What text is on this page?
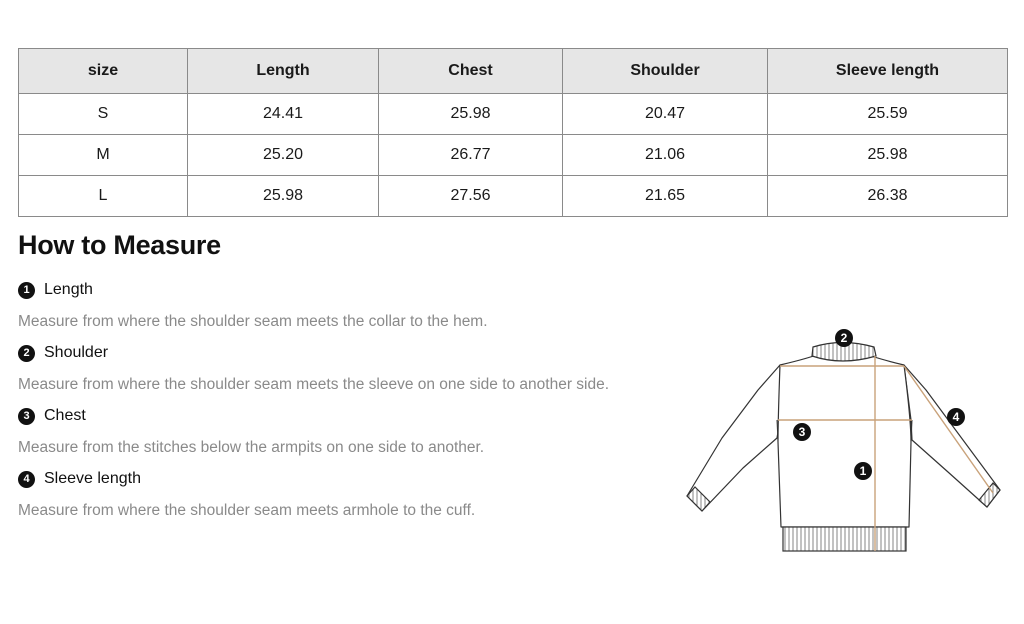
size	Length	Chest	Shoulder	Sleeve length
S	24.41	25.98	20.47	25.59
M	25.20	26.77	21.06	25.98
L	25.98	27.56	21.65	26.38
How to Measure
1 Length
Measure from where the shoulder seam meets the collar to the hem.
2 Shoulder
Measure from where the shoulder seam meets the sleeve on one side to another side.
3 Chest
Measure from the stitches below the armpits on one side to another.
4 Sleeve length
Measure from where the shoulder seam meets armhole to the cuff.
2
3
1
4
